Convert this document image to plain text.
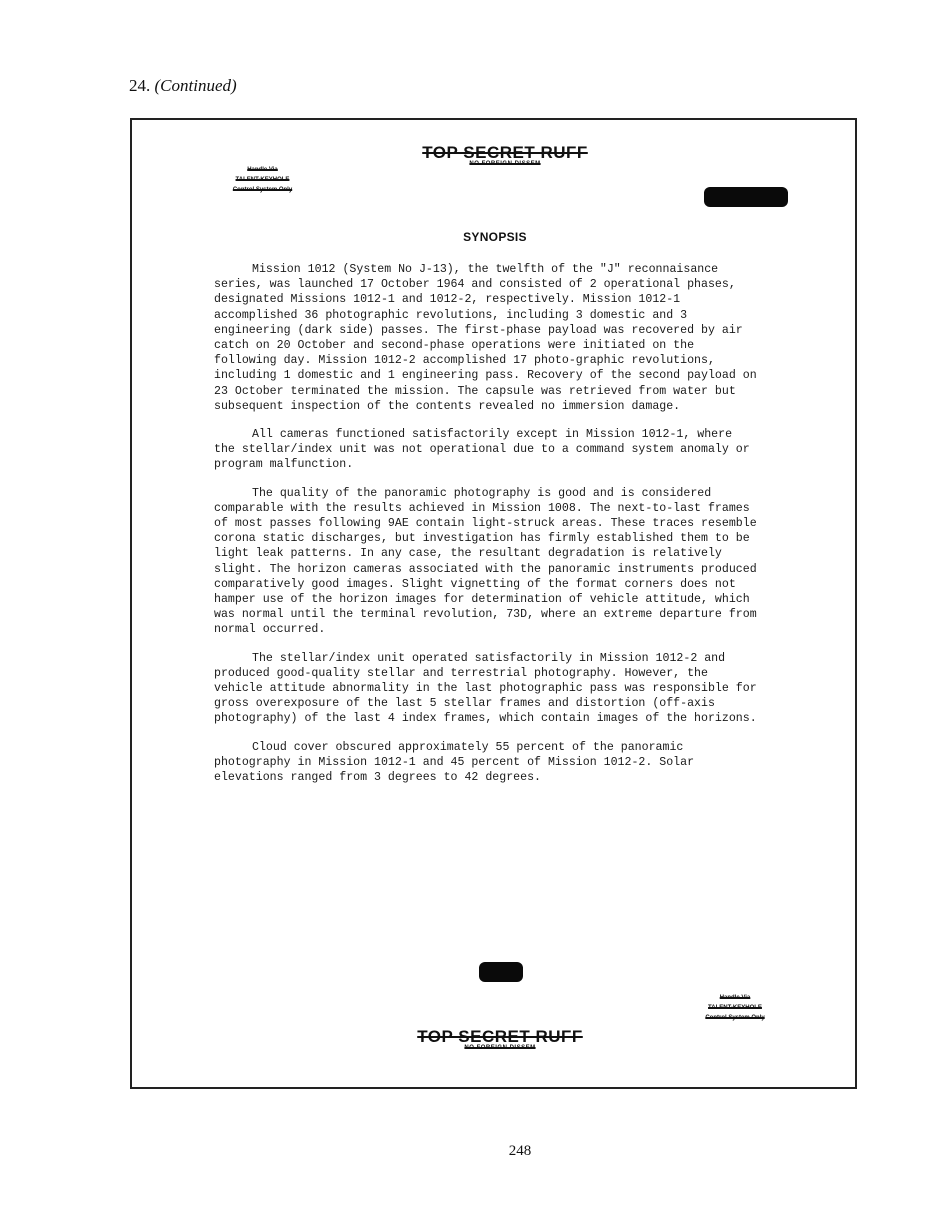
24. (Continued)
TOP SECRET RUFF
NO FOREIGN DISSEM
Handle Via
TALENT-KEYHOLE
Control System Only
SYNOPSIS

Mission 1012 (System No J-13), the twelfth of the "J" reconnaisance series, was launched 17 October 1964 and consisted of 2 operational phases, designated Missions 1012-1 and 1012-2, respectively. Mission 1012-1 accomplished 36 photographic revolutions, including 3 domestic and 3 engineering (dark side) passes. The first-phase payload was recovered by air catch on 20 October and second-phase operations were initiated on the following day. Mission 1012-2 accomplished 17 photo-graphic revolutions, including 1 domestic and 1 engineering pass. Recovery of the second payload on 23 October terminated the mission. The capsule was retrieved from water but subsequent inspection of the contents revealed no immersion damage.

All cameras functioned satisfactorily except in Mission 1012-1, where the stellar/index unit was not operational due to a command system anomaly or program malfunction.

The quality of the panoramic photography is good and is considered comparable with the results achieved in Mission 1008. The next-to-last frames of most passes following 9AE contain light-struck areas. These traces resemble corona static discharges, but investigation has firmly established them to be light leak patterns. In any case, the resultant degradation is relatively slight. The horizon cameras associated with the panoramic instruments produced comparatively good images. Slight vignetting of the format corners does not hamper use of the horizon images for determination of vehicle attitude, which was normal until the terminal revolution, 73D, where an extreme departure from normal occurred.

The stellar/index unit operated satisfactorily in Mission 1012-2 and produced good-quality stellar and terrestrial photography. However, the vehicle attitude abnormality in the last photographic pass was responsible for gross overexposure of the last 5 stellar frames and distortion (off-axis photography) of the last 4 index frames, which contain images of the horizons.

Cloud cover obscured approximately 55 percent of the panoramic photography in Mission 1012-1 and 45 percent of Mission 1012-2. Solar elevations ranged from 3 degrees to 42 degrees.

Handle Via
TALENT-KEYHOLE
Control System Only
TOP SECRET RUFF
NO FOREIGN DISSEM
248
